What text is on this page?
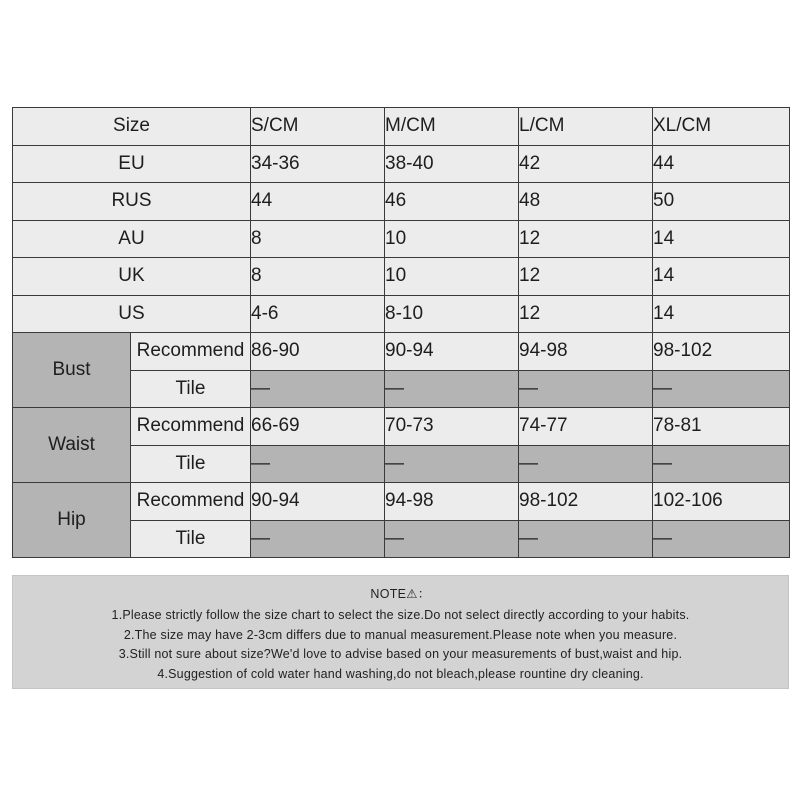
Size		S/CM	M/CM	L/CM	XL/CM
EU		34-36	38-40	42	44
RUS		44	46	48	50
AU		8	10	12	14
UK		8	10	12	14
US		4-6	8-10	12	14
Bust	Recommend	86-90	90-94	94-98	98-102
	Tile	—	—	—	—
Waist	Recommend	66-69	70-73	74-77	78-81
	Tile	—	—	—	—
Hip	Recommend	90-94	94-98	98-102	102-106
	Tile	—	—	—	—
NOTE⚠：
1.Please strictly follow the size chart to select the size.Do not select directly according to your habits.
2.The size may have 2-3cm differs due to manual measurement.Please note when you measure.
3.Still not sure about size?We'd love to advise based on your measurements of bust,waist and hip.
4.Suggestion of cold water hand washing,do not bleach,please rountine dry cleaning.
